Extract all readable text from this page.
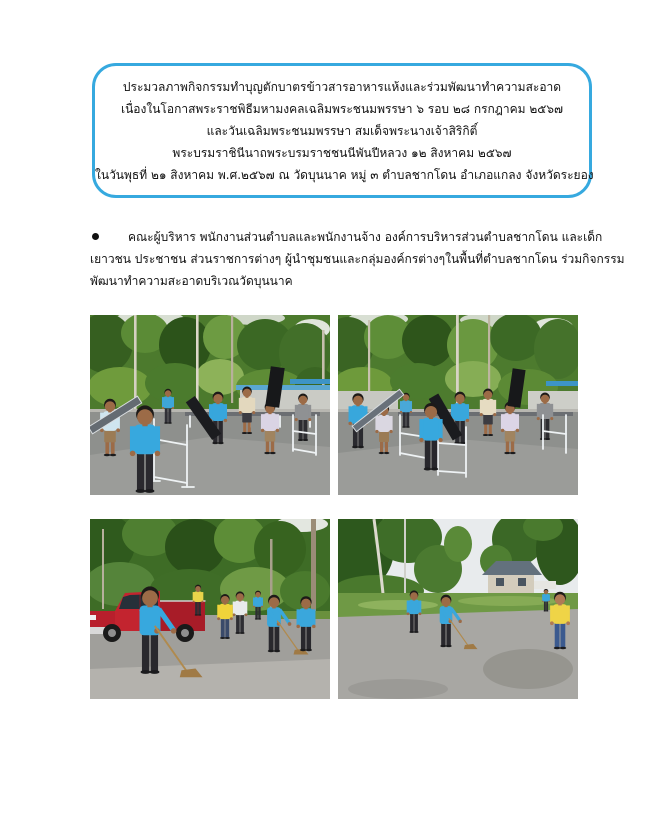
ประมวลภาพกิจกรรมทำบุญตักบาตรข้าวสารอาหารแห้งและร่วมพัฒนาทำความสะอาด
เนื่องในโอกาสพระราชพิธีมหามงคลเฉลิมพระชนมพรรษา ๖ รอบ ๒๘ กรกฎาคม ๒๕๖๗
และวันเฉลิมพระชนมพรรษา สมเด็จพระนางเจ้าสิริกิติ์
พระบรมราชินีนาถพระบรมราชชนนีพันปีหลวง ๑๒ สิงหาคม ๒๕๖๗
ในวันพุธที่ ๒๑ สิงหาคม พ.ศ.๒๕๖๗ ณ วัดบุนนาค หมู่ ๓ ตำบลชากโดน อำเภอแกลง จังหวัดระยอง
คณะผู้บริหาร พนักงานส่วนตำบลและพนักงานจ้าง องค์การบริหารส่วนตำบลชากโดน และเด็ก
เยาวชน ประชาชน ส่วนราชการต่างๆ ผู้นำชุมชนและกลุ่มองค์กรต่างๆในพื้นที่ตำบลชากโดน ร่วมกิจกรรม
พัฒนาทำความสะอาดบริเวณวัดบุนนาค
